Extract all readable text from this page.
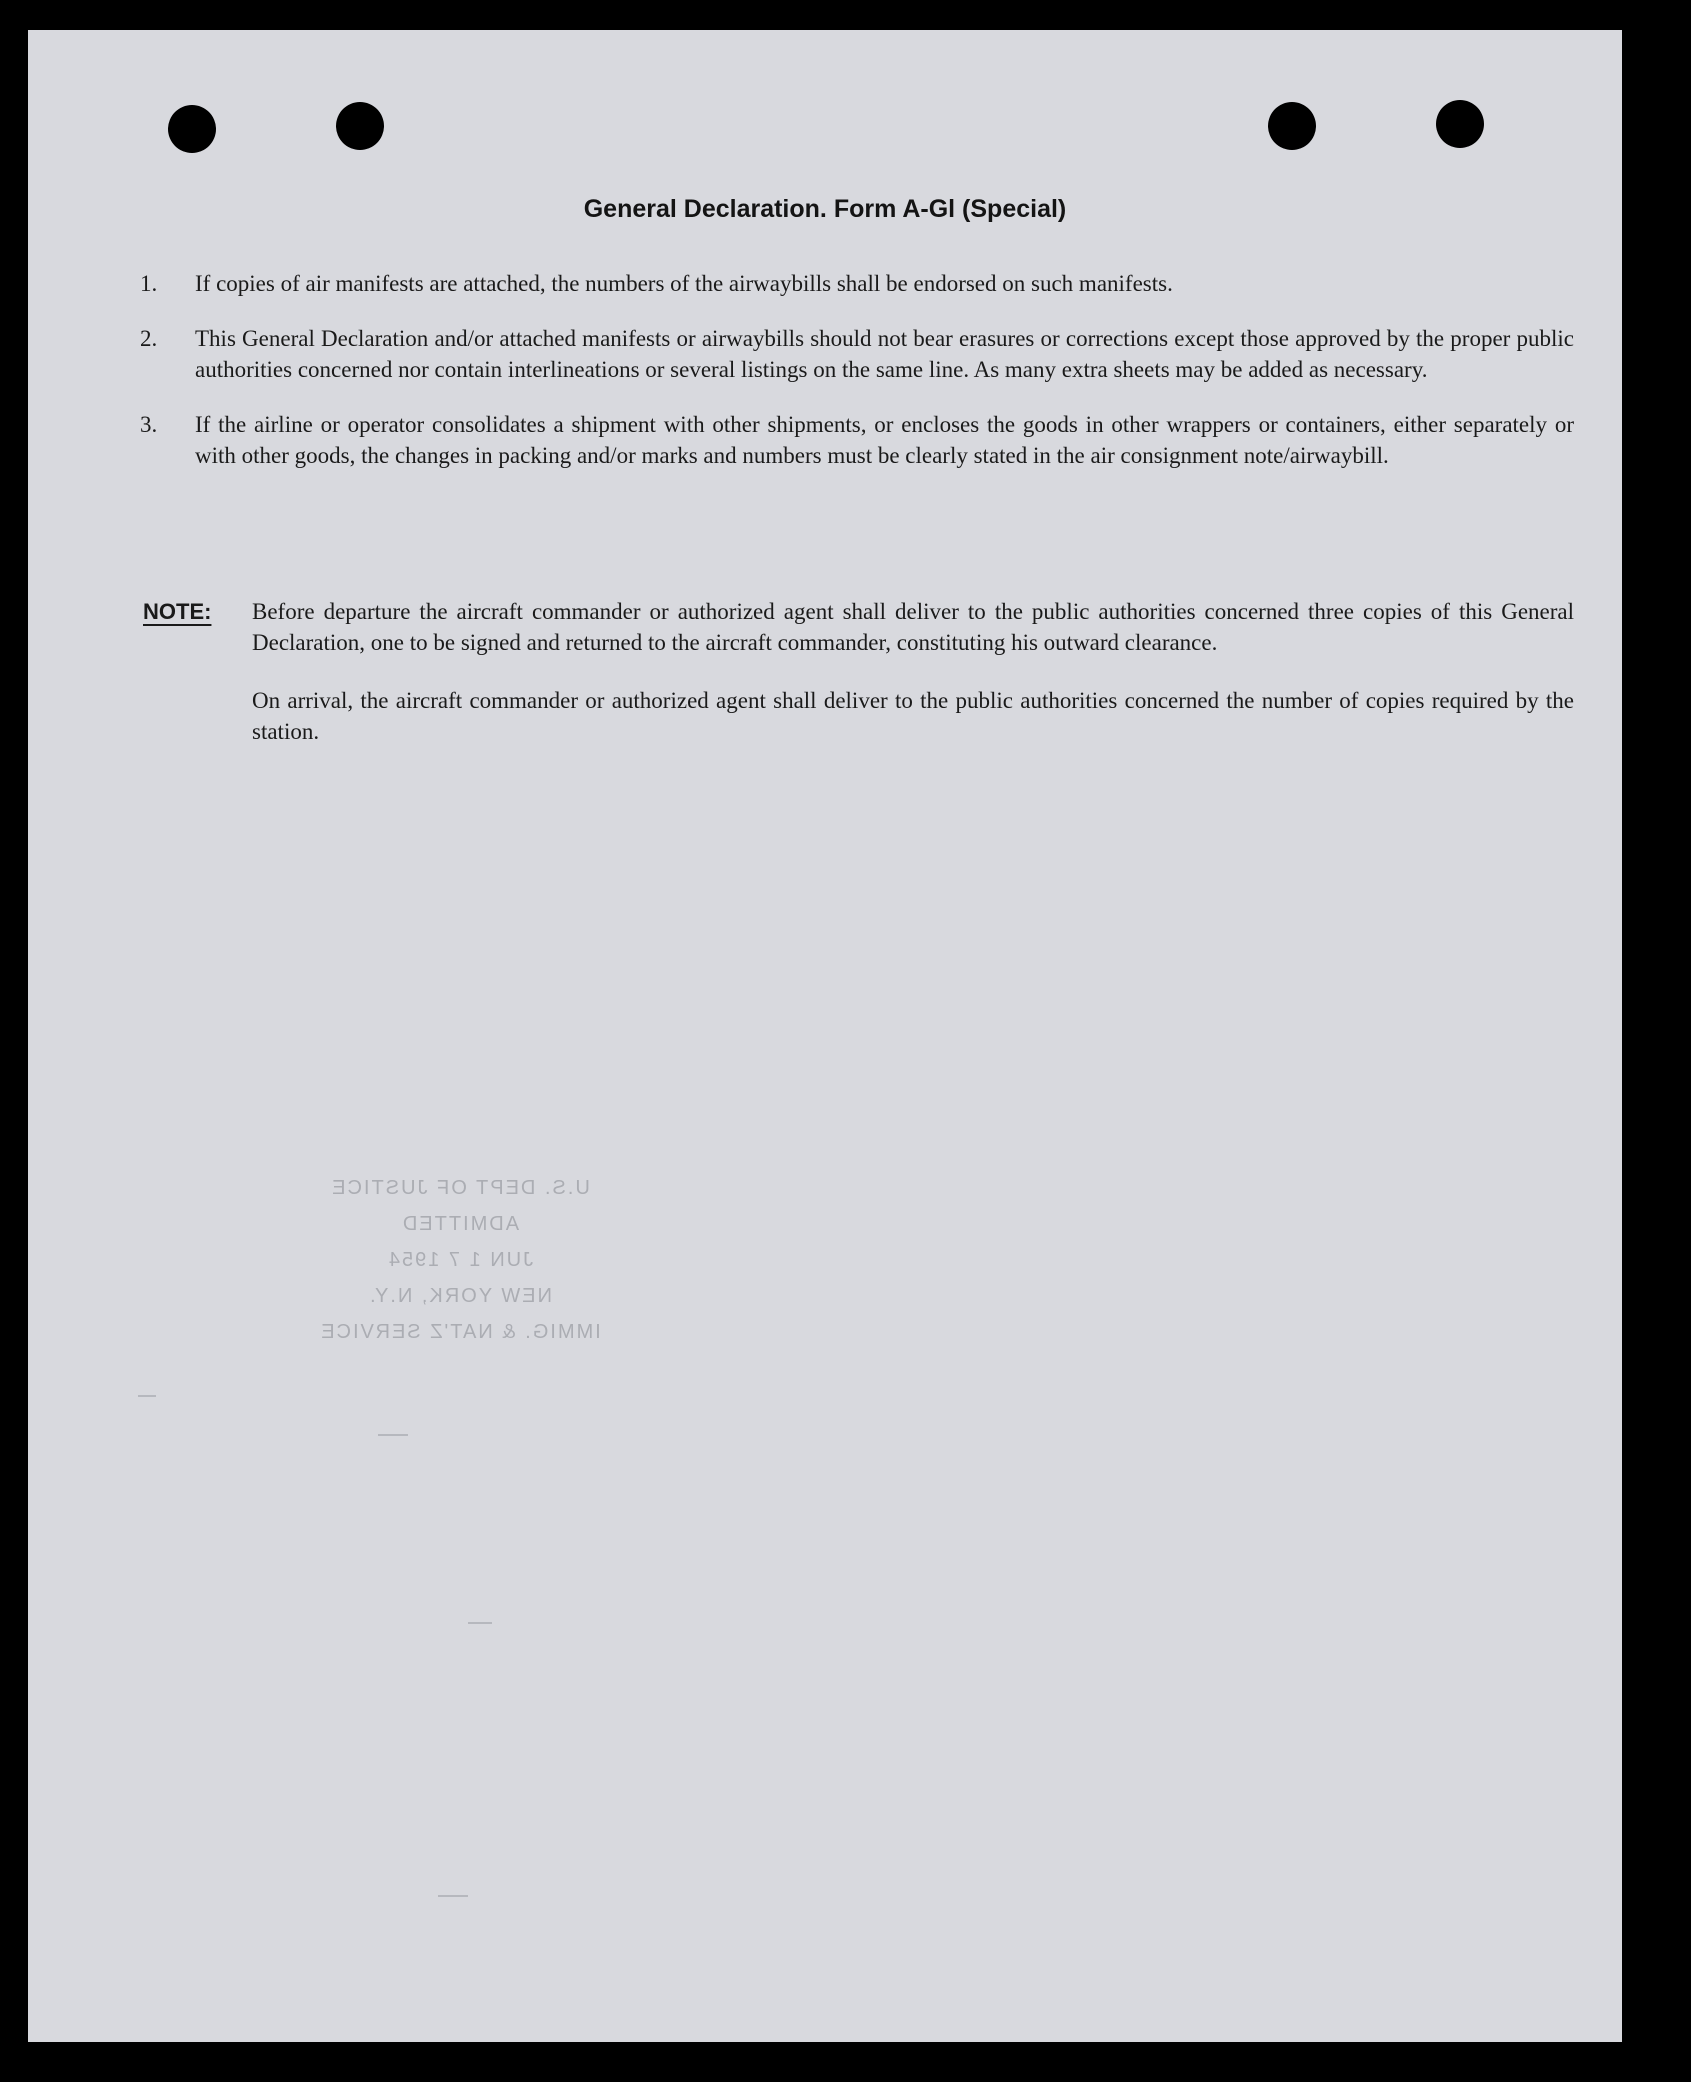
General Declaration. Form A-Gl (Special)
1. If copies of air manifests are attached, the numbers of the airwaybills shall be endorsed on such manifests.
2. This General Declaration and/or attached manifests or airwaybills should not bear erasures or corrections except those approved by the proper public authorities concerned nor contain interlineations or several listings on the same line. As many extra sheets may be added as necessary.
3. If the airline or operator consolidates a shipment with other shipments, or encloses the goods in other wrappers or containers, either separately or with other goods, the changes in packing and/or marks and numbers must be clearly stated in the air consignment note/airwaybill.
NOTE: Before departure the aircraft commander or authorized agent shall deliver to the public authorities concerned three copies of this General Declaration, one to be signed and returned to the aircraft commander, constituting his outward clearance.
On arrival, the aircraft commander or authorized agent shall deliver to the public authorities concerned the number of copies required by the station.
U.S. DEPT OF JUSTICE
ADMITTED
JUN 1 7 1954
NEW YORK, N.Y.
IMMIG. & NAT'Z SERVICE
